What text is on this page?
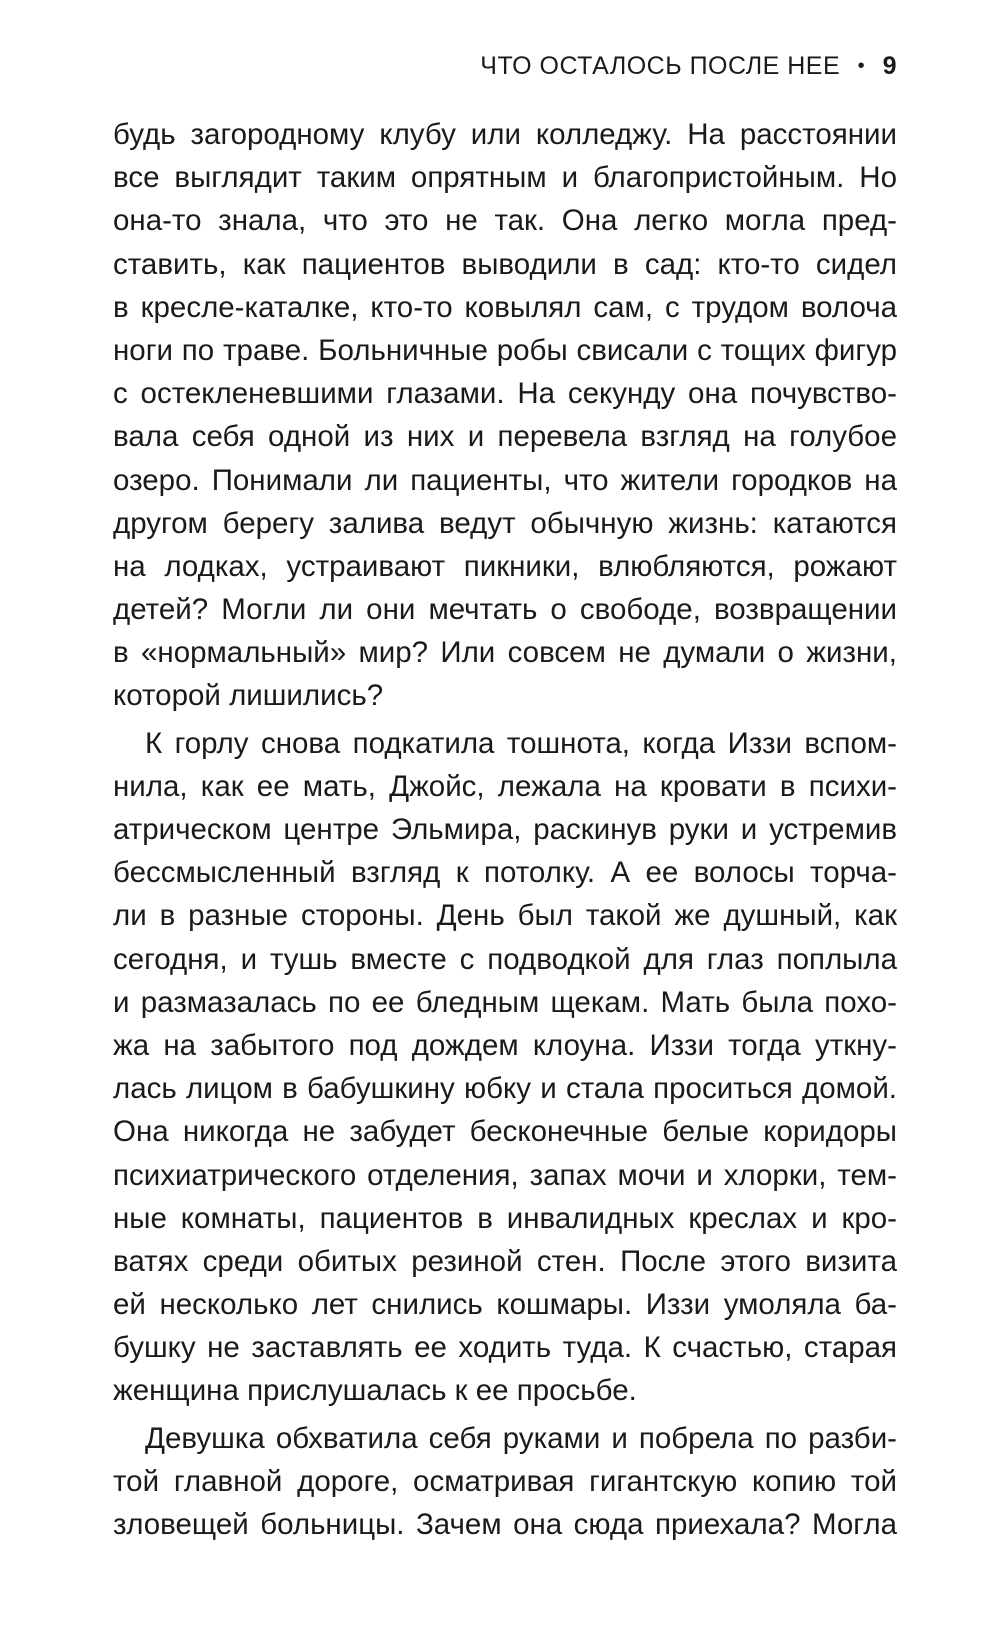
ЧТО ОСТАЛОСЬ ПОСЛЕ НЕЕ • 9
будь загородному клубу или колледжу. На расстоянии
все выглядит таким опрятным и благопристойным. Но
она-то знала, что это не так. Она легко могла пред-
ставить, как пациентов выводили в сад: кто-то сидел
в кресле-каталке, кто-то ковылял сам, с трудом волоча
ноги по траве. Больничные робы свисали с тощих фигур
с остекленевшими глазами. На секунду она почувство-
вала себя одной из них и перевела взгляд на голубое
озеро. Понимали ли пациенты, что жители городков на
другом берегу залива ведут обычную жизнь: катаются
на лодках, устраивают пикники, влюбляются, рожают
детей? Могли ли они мечтать о свободе, возвращении
в «нормальный» мир? Или совсем не думали о жизни,
которой лишились?
К горлу снова подкатила тошнота, когда Иззи вспом-
нила, как ее мать, Джойс, лежала на кровати в психи-
атрическом центре Эльмира, раскинув руки и устремив
бессмысленный взгляд к потолку. А ее волосы торча-
ли в разные стороны. День был такой же душный, как
сегодня, и тушь вместе с подводкой для глаз поплыла
и размазалась по ее бледным щекам. Мать была похо-
жа на забытого под дождем клоуна. Иззи тогда уткну-
лась лицом в бабушкину юбку и стала проситься домой.
Она никогда не забудет бесконечные белые коридоры
психиатрического отделения, запах мочи и хлорки, тем-
ные комнаты, пациентов в инвалидных креслах и кро-
ватях среди обитых резиной стен. После этого визита
ей несколько лет снились кошмары. Иззи умоляла ба-
бушку не заставлять ее ходить туда. К счастью, старая
женщина прислушалась к ее просьбе.
Девушка обхватила себя руками и побрела по разби-
той главной дороге, осматривая гигантскую копию той
зловещей больницы. Зачем она сюда приехала? Могла
